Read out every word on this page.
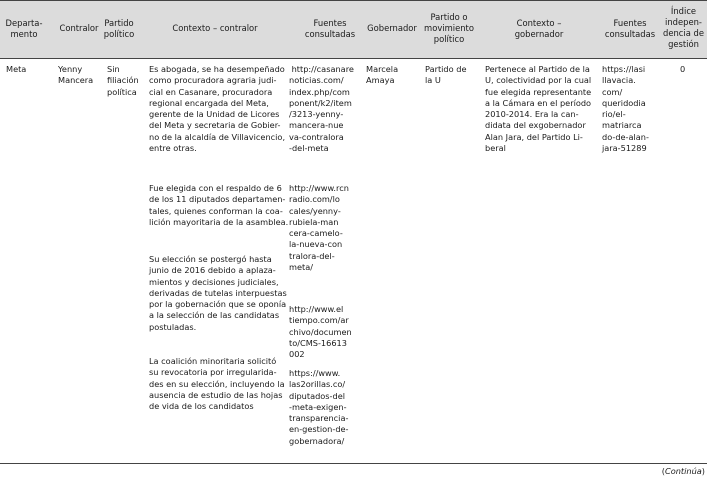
Departa-
mento
Contralor Partido
político
Contexto – contralor	Fuentes
consultadas
Gobernador
Partido o
movimiento
político
Contexto –
gobernador
Fuentes
consultadas
Índice
indepen-
dencia de
gestión
Meta	Yenny
Mancera
Sin
filiación
política
Es abogada, se ha desempeñado
como procuradora agraria judi-
cial en Casanare, procuradora
regional encargada del Meta,
gerente de la Unidad de Licores
del Meta y secretaria de Gobier-
no de la alcaldía de Villavicencio,
entre otras.
Fue elegida con el respaldo de 6
de los 11 diputados departamen-
tales, quienes conforman la coa-
lición mayoritaria de la asamblea.
Su elección se postergó hasta
junio de 2016 debido a aplaza-
mientos y decisiones judiciales,
derivadas de tutelas interpuestas
por la gobernación que se oponía
a la selección de las candidatas
postuladas.
La coalición minoritaria solicitó
su revocatoria por irregularida-
des en su elección, incluyendo la
ausencia de estudio de las hojas
de vida de los candidatos
http://casanare
noticias.com/
index.php/com
ponent/k2/item
/3213-yenny-
mancera-nue
va-contralora
-del-meta
http://www.rcn
radio.com/lo
cales/yenny-
rubiela-man
cera-camelo-
la-nueva-con
tralora-del-
meta/
http://www.el
tiempo.com/ar
chivo/documen
to/CMS-16613
002
https://www.
las2orillas.co/
diputados-del
-meta-exigen-
transparencia-
en-gestion-de-
gobernadora/
Marcela
Amaya
Partido de
la U
Pertenece al Partido de la
U, colectividad por la cual
fue elegida representante
a la Cámara en el período
2010-2014. Era la can-
didata del exgobernador
Alan Jara, del Partido Li-
beral
https://lasi
llavacia.
com/
queridodia
rio/el-
matriarca
do-de-alan-
jara-51289
0
(Continúa)
